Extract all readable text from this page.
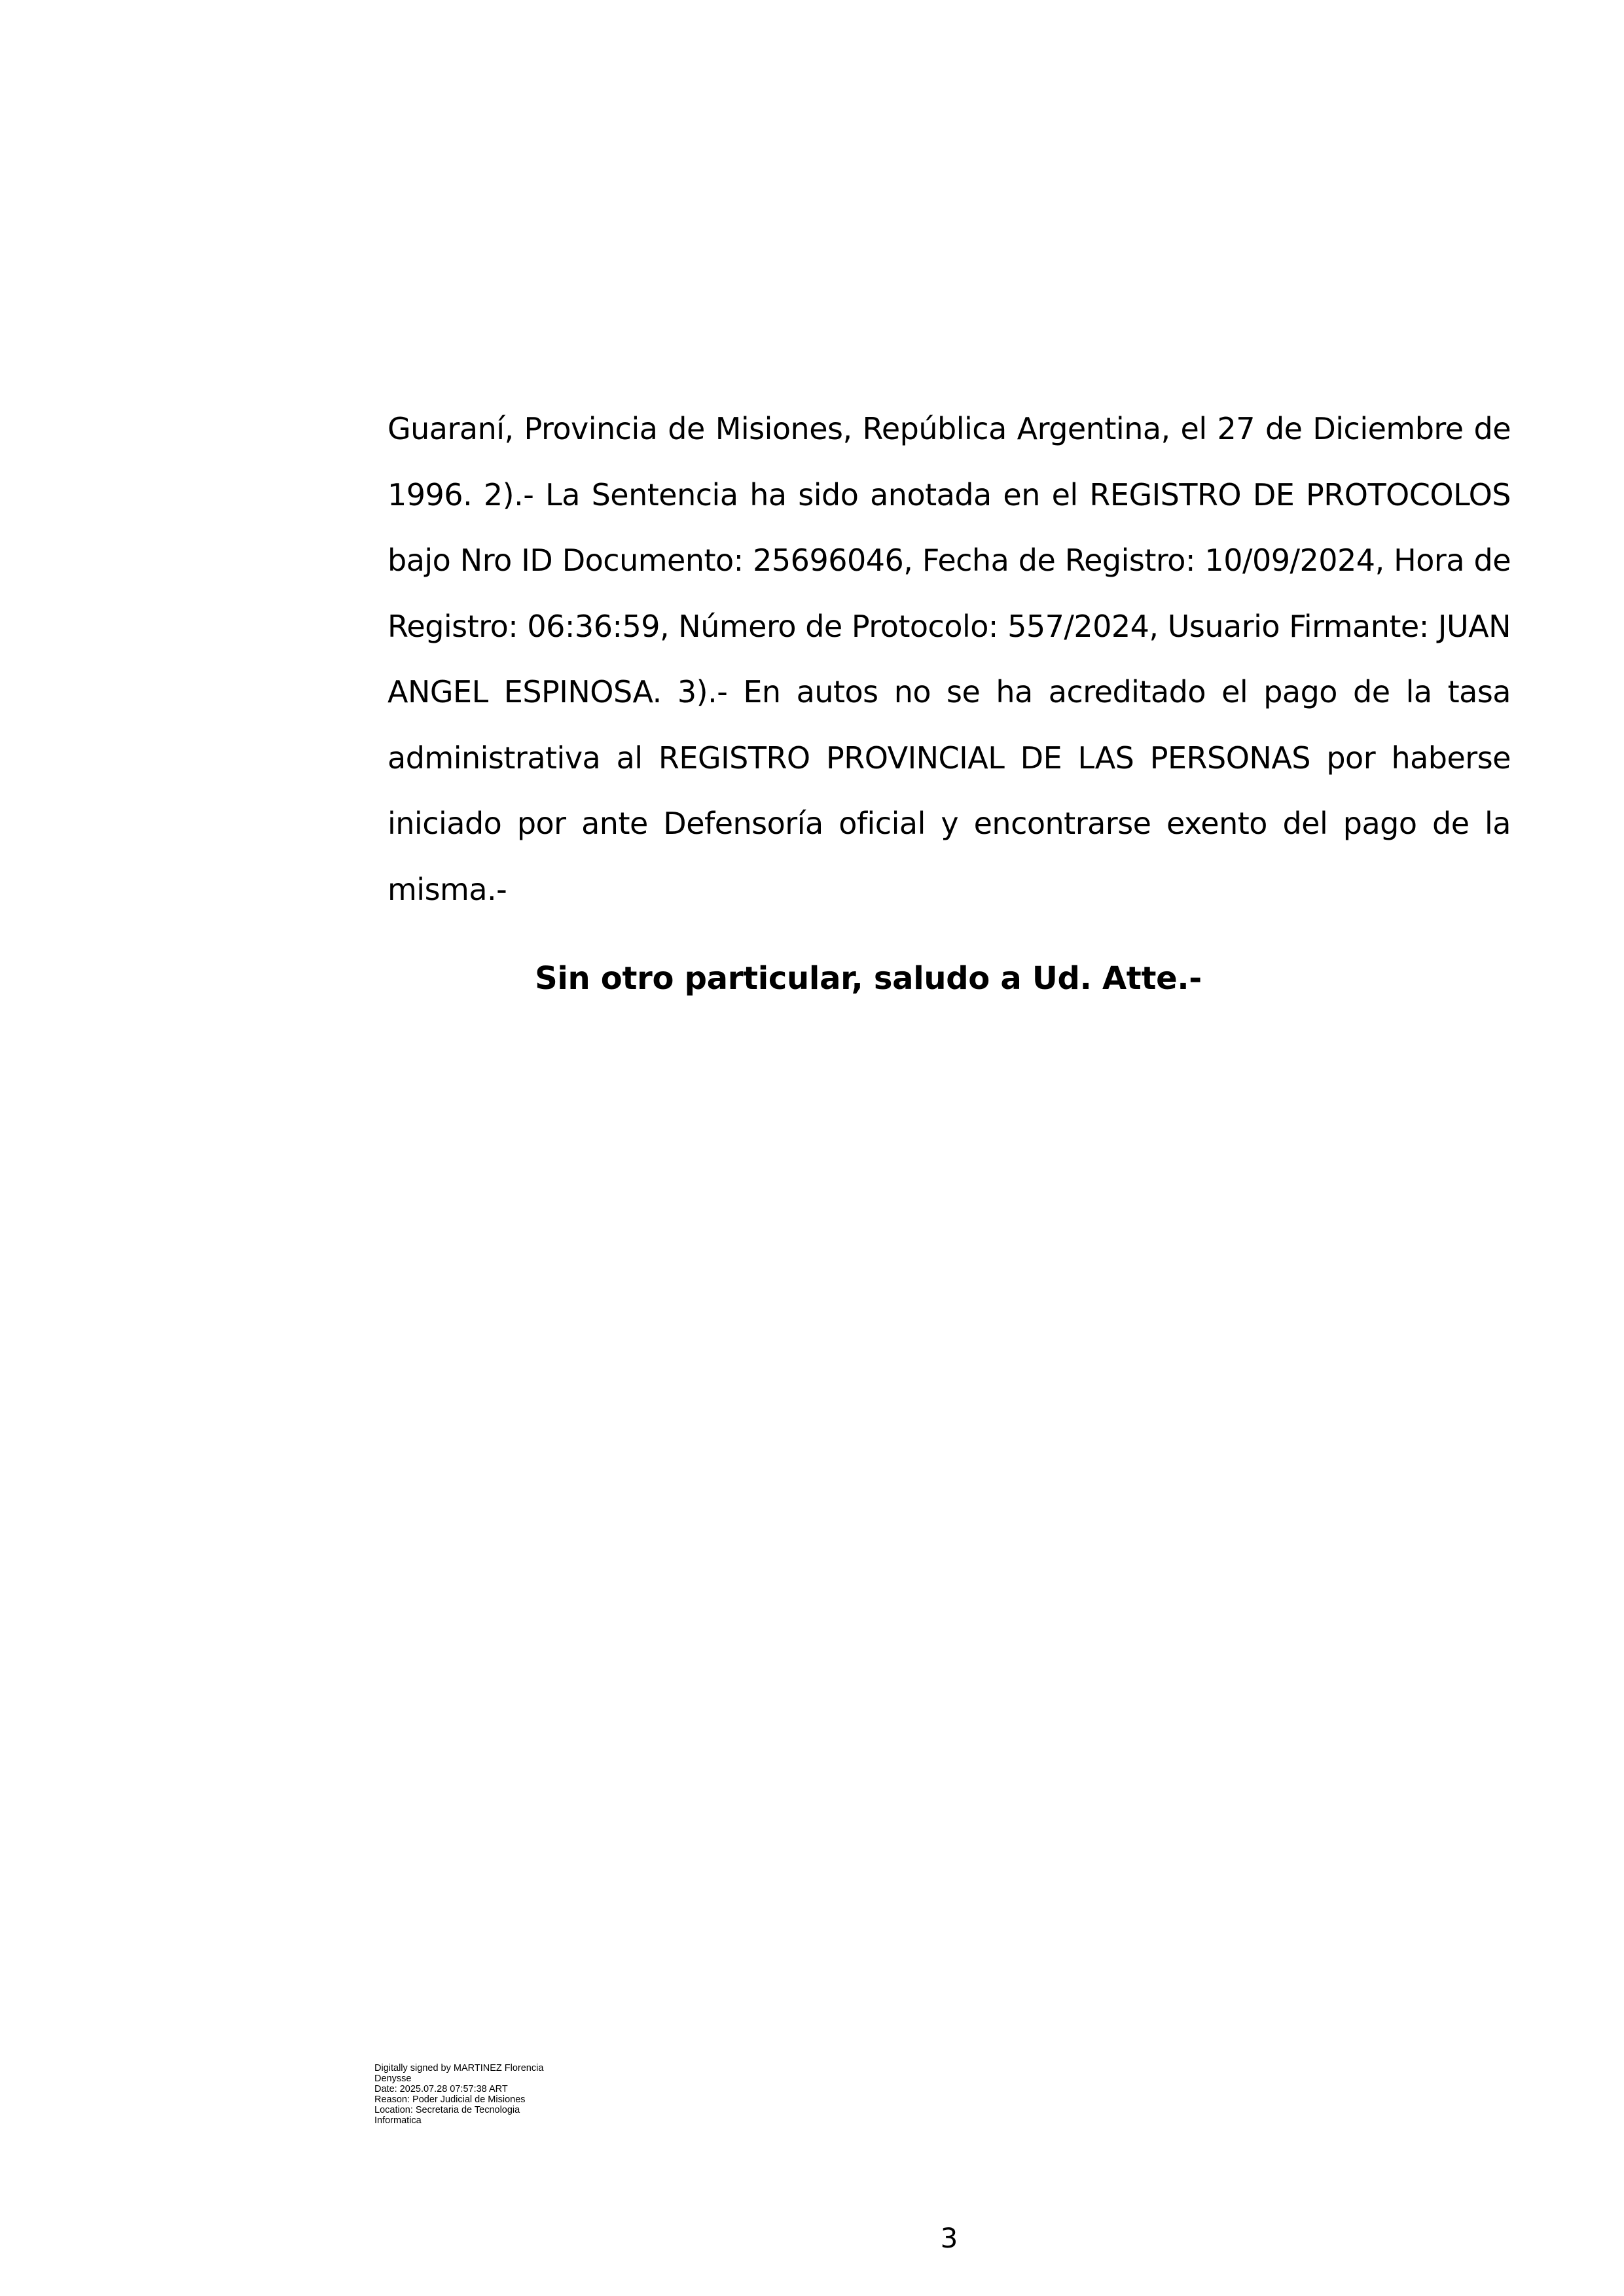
Guaraní, Provincia de Misiones, República Argentina, el 27 de Diciembre de 1996. 2).- La Sentencia ha sido anotada en el REGISTRO DE PROTOCOLOS bajo Nro ID Documento: 25696046, Fecha de Registro: 10/09/2024, Hora de Registro: 06:36:59, Número de Protocolo: 557/2024, Usuario Firmante: JUAN ANGEL ESPINOSA. 3).- En autos no se ha acreditado el pago de la tasa administrativa al REGISTRO PROVINCIAL DE LAS PERSONAS por haberse iniciado por ante Defensoría oficial y encontrarse exento del pago de la misma.-

Sin otro particular, saludo a Ud. Atte.-

Digitally signed by MARTINEZ Florencia
Denysse
Date: 2025.07.28 07:57:38 ART
Reason: Poder Judicial de Misiones
Location: Secretaria de Tecnologia
Informatica
3
